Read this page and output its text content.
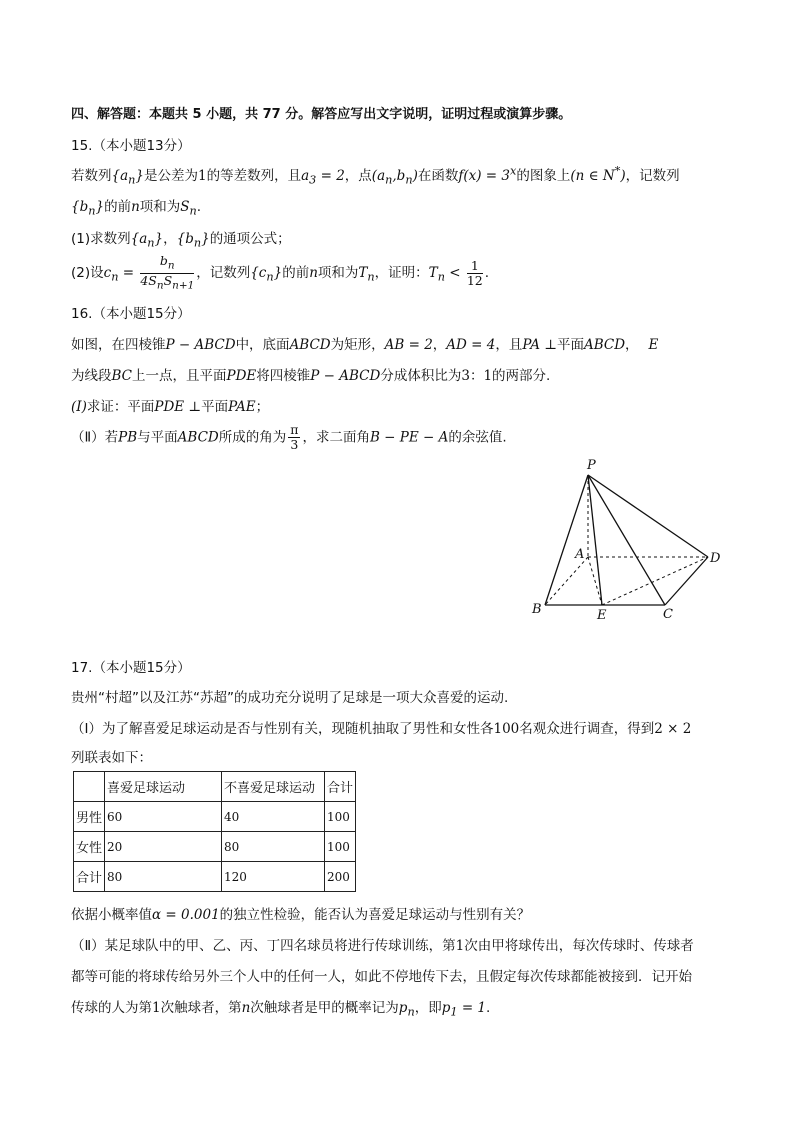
四、解答题：本题共 5 小题，共 77 分。解答应写出文字说明，证明过程或演算步骤。
15.（本小题13分）
若数列$\{a_n\}$是公差为1的等差数列，且$a_3 = 2$，点$(a_n,b_n)$在函数$f(x) = 3^x$的图象上(n ∈ N*)，记数列
$\{b_n\}$的前n项和为$S_n$.
(1)求数列$\{a_n\}$，$\{b_n\}$的通项公式；
(2)设$c_n = \frac{b_n}{4S_nS_{n+1}}$ ，记数列$\{c_n\}$的前n项和为$T_n$，证明：$T_n < \frac{1}{12}$ .
16.（本小题15分）
如图，在四棱锥P − ABCD中，底面ABCD为矩形，AB = 2，AD = 4，且PA ⊥平面ABCD， E
为线段BC上一点，且平面PDE将四棱锥P − ABCD分成体积比为3：1的两部分.
(I)求证：平面PDE ⊥平面PAE；
（Ⅱ）若PB与平面ABCD所成的角为 $\frac{\pi}{3}$ ，求二面角B − PE − A的余弦值.
P
A	D
B	E	C
17.（本小题15分）
贵州“村超”以及江苏“苏超”的成功充分说明了足球是一项大众喜爱的运动.
（Ⅰ）为了解喜爱足球运动是否与性别有关，现随机抽取了男性和女性各100名观众进行调查，得到2 × 2
列联表如下：
	喜爱足球运动	不喜爱足球运动	合计
男性	60	40	100
女性	20	80	100
合计	80	120	200
依据小概率值α = 0.001的独立性检验，能否认为喜爱足球运动与性别有关？
（Ⅱ）某足球队中的甲、乙、丙、丁四名球员将进行传球训练，第1次由甲将球传出，每次传球时、传球者
都等可能的将球传给另外三个人中的任何一人，如此不停地传下去，且假定每次传球都能被接到．记开始
传球的人为第1次触球者，第n次触球者是甲的概率记为$p_n$，即$p_1 = 1$.
